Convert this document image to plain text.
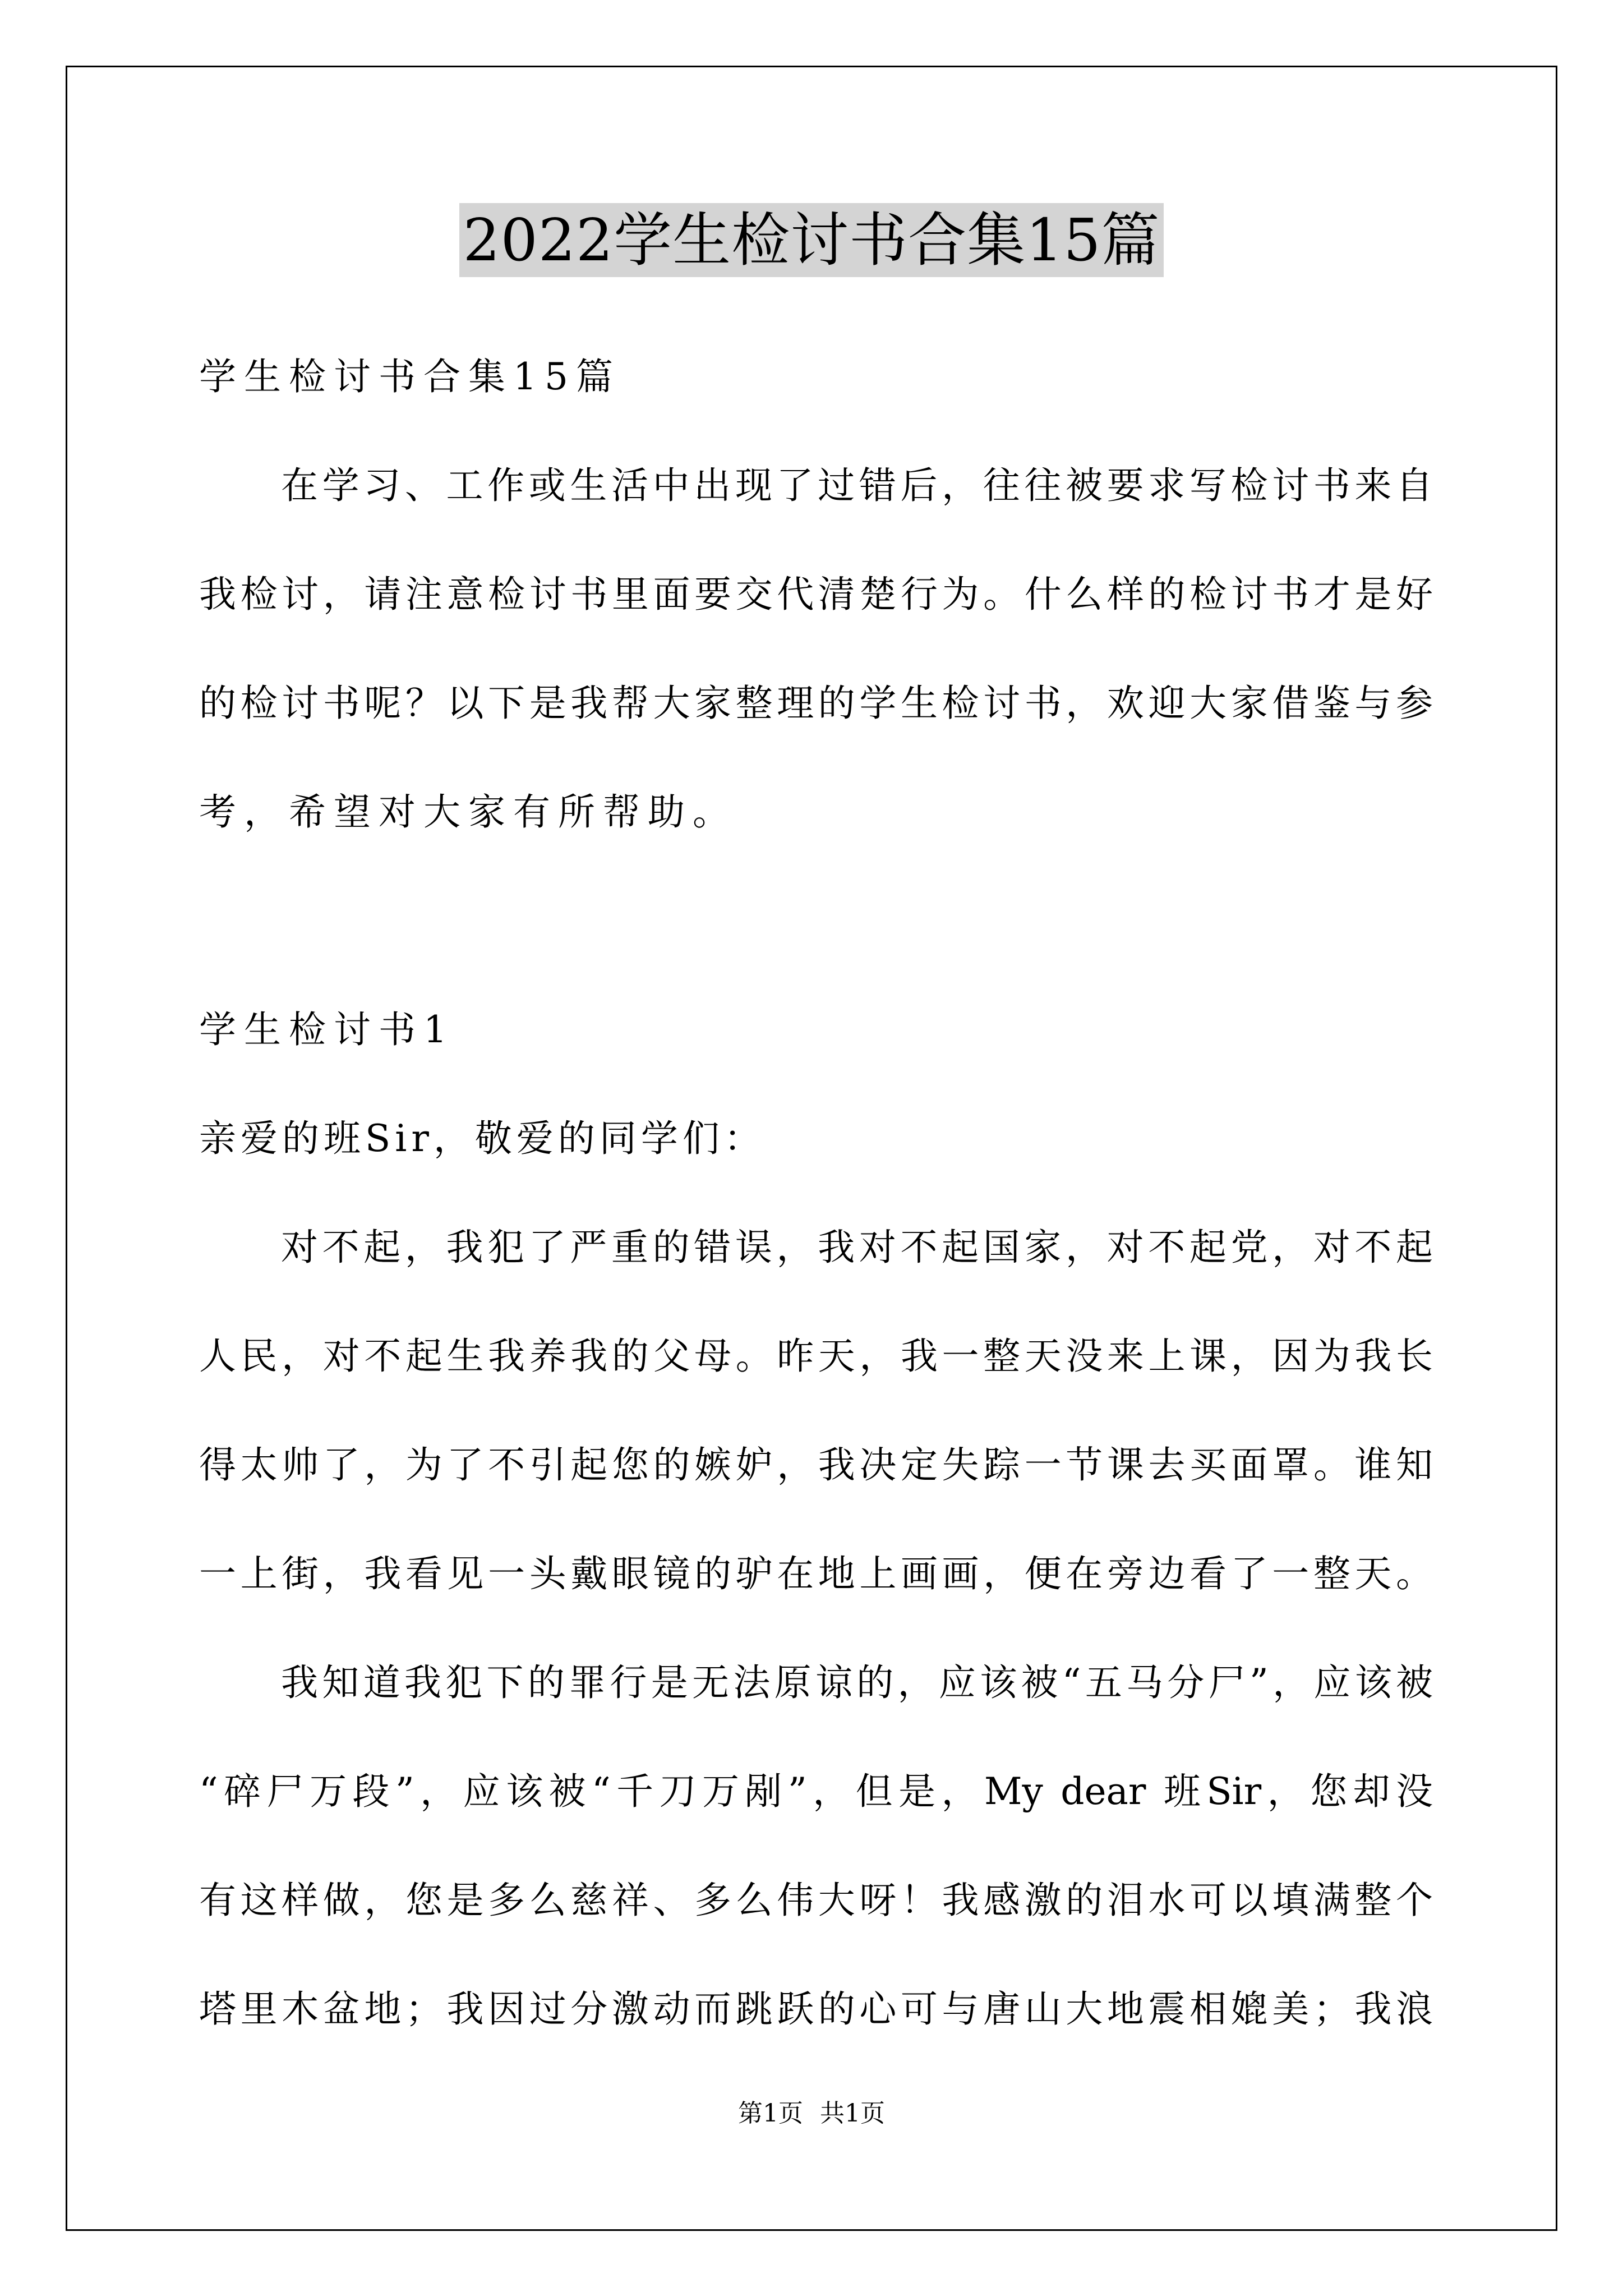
2022学生检讨书合集15篇
学生检讨书合集15篇
在学习、工作或生活中出现了过错后，往往被要求写检讨书来自
我检讨，请注意检讨书里面要交代清楚行为。什么样的检讨书才是好
的检讨书呢？以下是我帮大家整理的学生检讨书，欢迎大家借鉴与参
考，希望对大家有所帮助。
学生检讨书1
亲爱的班Sir，敬爱的同学们：
对不起，我犯了严重的错误，我对不起国家，对不起党，对不起
人民，对不起生我养我的父母。昨天，我一整天没来上课，因为我长
得太帅了，为了不引起您的嫉妒，我决定失踪一节课去买面罩。谁知
一上街，我看见一头戴眼镜的驴在地上画画，便在旁边看了一整天。
我知道我犯下的罪行是无法原谅的，应该被“五马分尸”，应该被
“碎尸万段”，应该被“千刀万剐”，但是，My dear 班Sir，您却没
有这样做，您是多么慈祥、多么伟大呀！我感激的泪水可以填满整个
塔里木盆地；我因过分激动而跳跃的心可与唐山大地震相媲美；我浪
第1页 共1页
